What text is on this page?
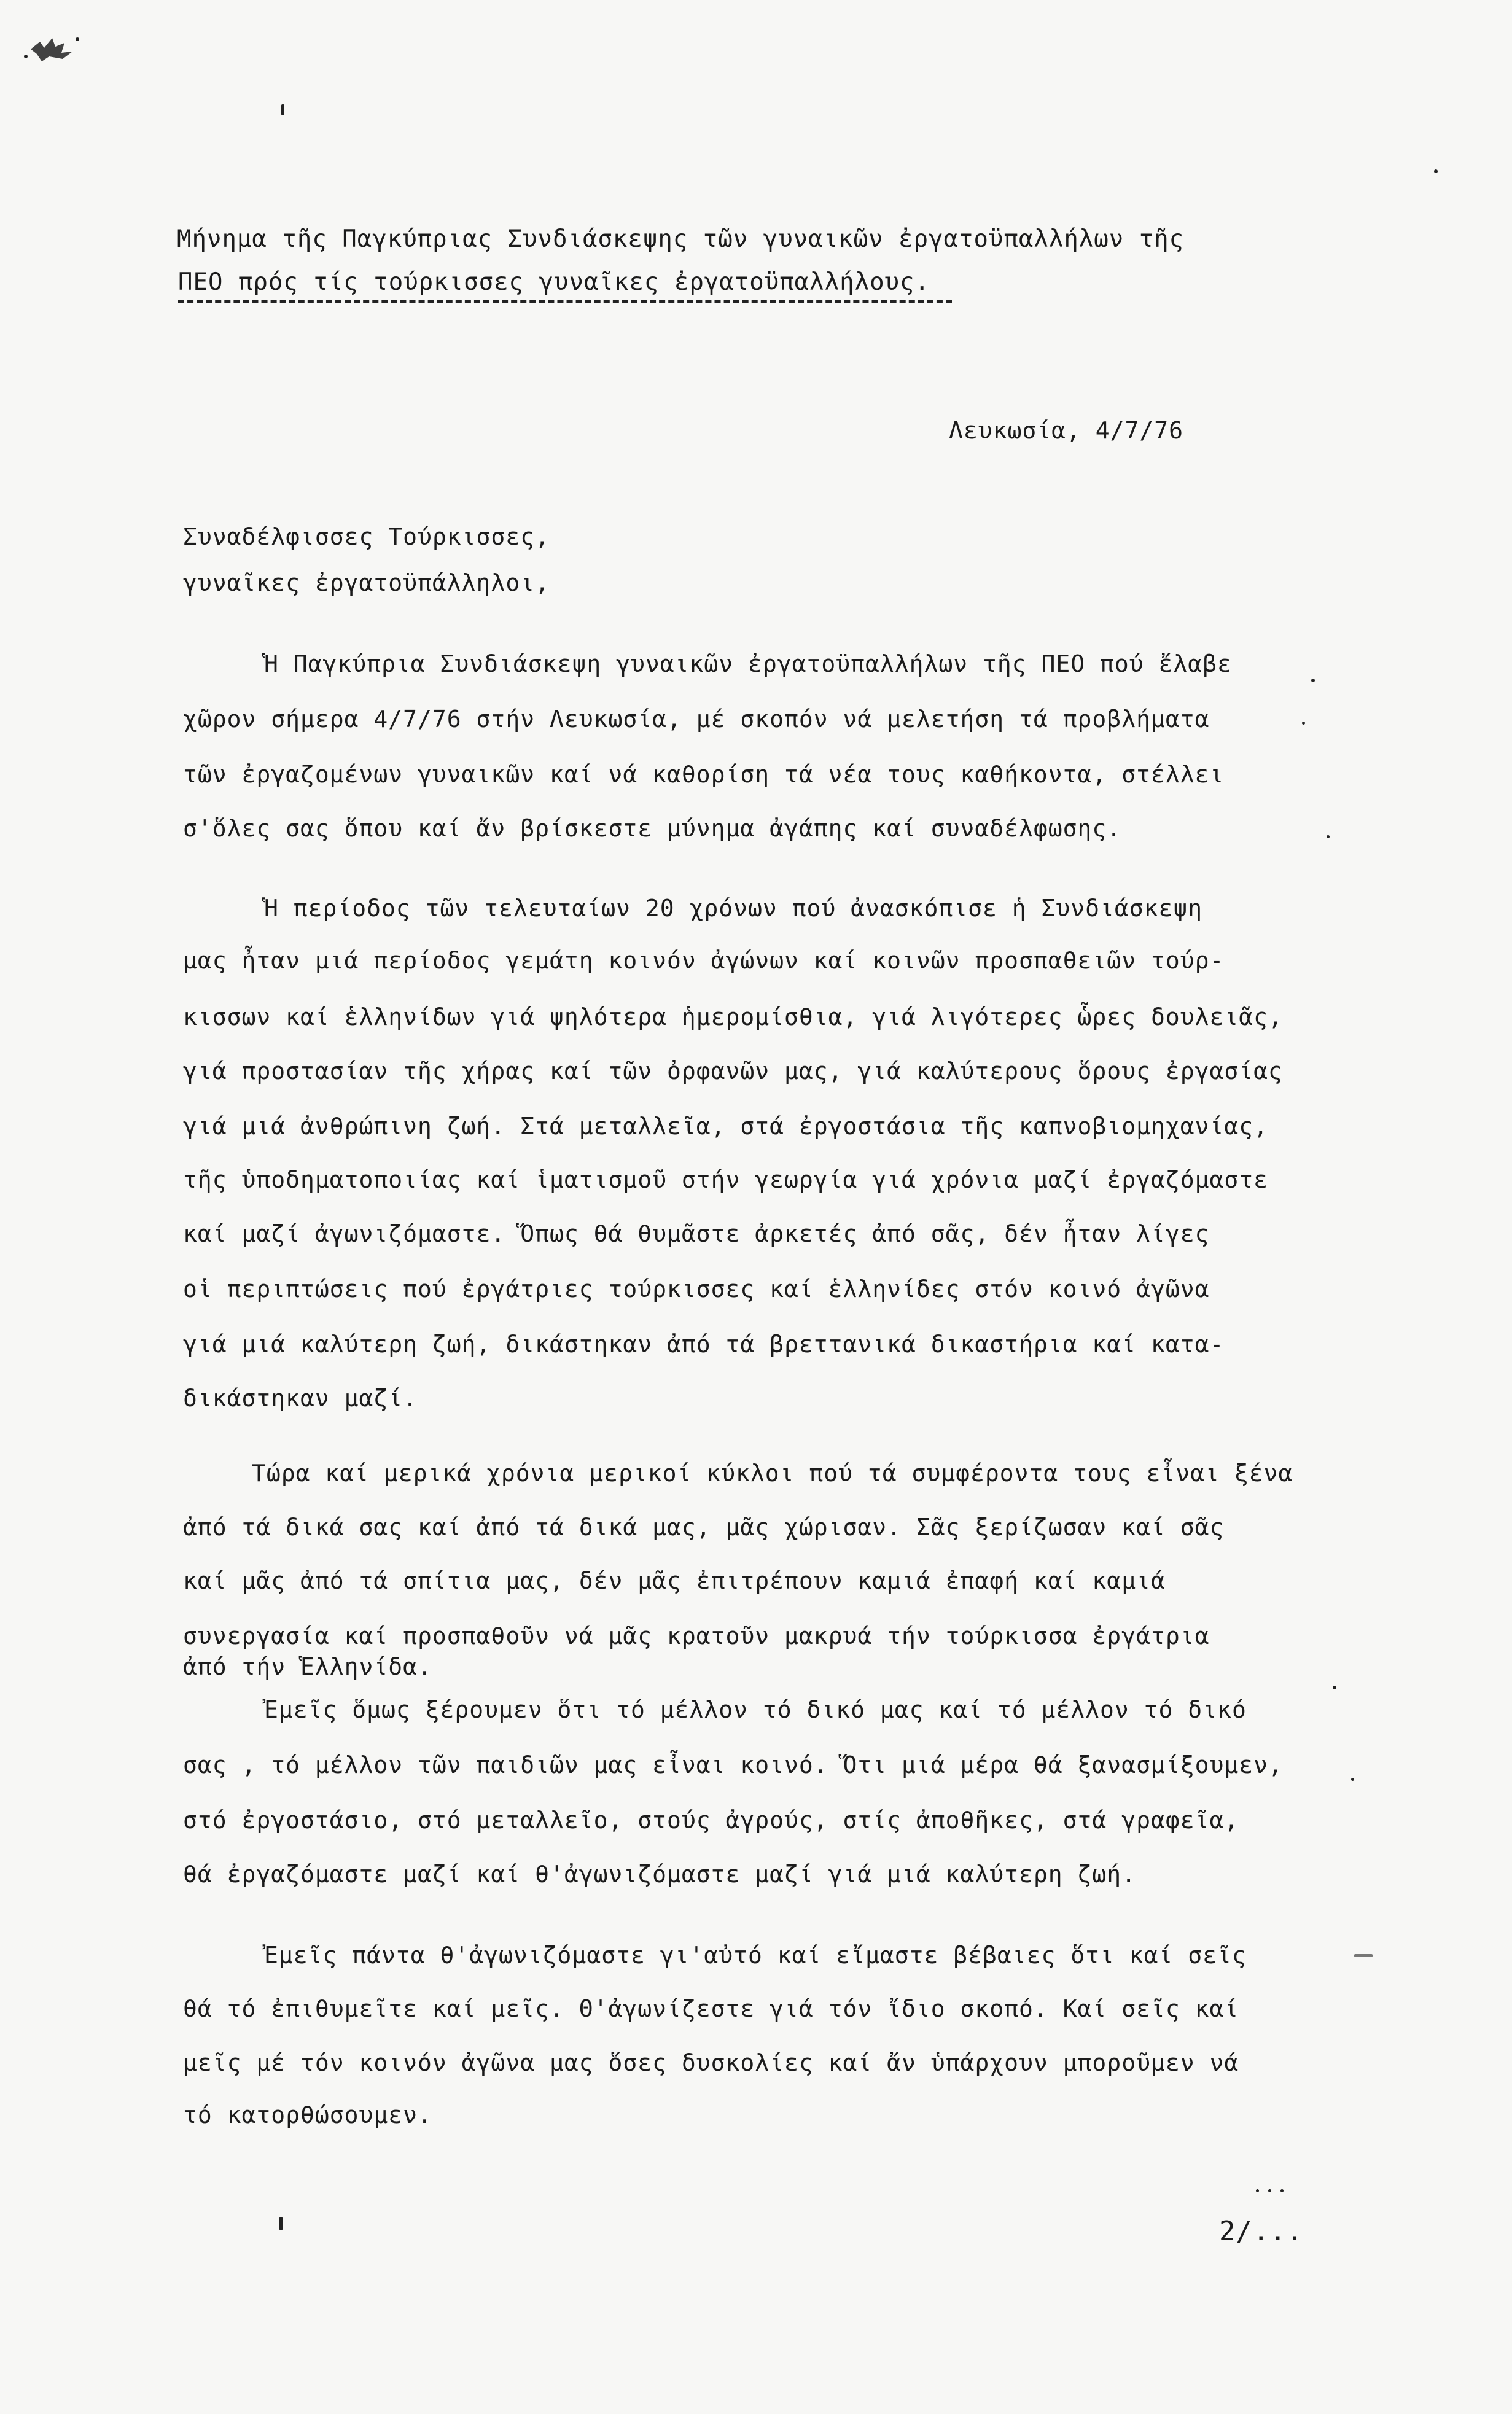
Μήνημα τῆς Παγκύπριας Συνδιάσκεψης τῶν γυναικῶν ἐργατοϋπαλλήλων τῆς
ΠΕΟ πρός τίς τούρκισσες γυναῖκες ἐργατοϋπαλλήλους.
Λευκωσία, 4/7/76
Συναδέλφισσες Τούρκισσες,
γυναῖκες ἐργατοϋπάλληλοι,
Ἡ Παγκύπρια Συνδιάσκεψη γυναικῶν ἐργατοϋπαλλήλων τῆς ΠΕΟ πού ἔλαβε
χῶρον σήμερα 4/7/76 στήν Λευκωσία, μέ σκοπόν νά μελετήση τά προβλήματα
τῶν ἐργαζομένων γυναικῶν καί νά καθορίση τά νέα τους καθήκοντα, στέλλει
σ'ὅλες σας ὅπου καί ἄν βρίσκεστε μύνημα ἀγάπης καί συναδέλφωσης.
Ἡ περίοδος τῶν τελευταίων 20 χρόνων πού ἀνασκόπισε ἡ Συνδιάσκεψη
μας ἦταν μιά περίοδος γεμάτη κοινόν ἀγώνων καί κοινῶν προσπαθειῶν τούρ-
κισσων καί ἑλληνίδων γιά ψηλότερα ἡμερομίσθια, γιά λιγότερες ὧρες δουλειᾶς,
γιά προστασίαν τῆς χήρας καί τῶν ὀρφανῶν μας, γιά καλύτερους ὅρους ἐργασίας
γιά μιά ἀνθρώπινη ζωή. Στά μεταλλεῖα, στά ἐργοστάσια τῆς καπνοβιομηχανίας,
τῆς ὑποδηματοποιίας καί ἱματισμοῦ στήν γεωργία γιά χρόνια μαζί ἐργαζόμαστε
καί μαζί ἀγωνιζόμαστε. Ὅπως θά θυμᾶστε ἀρκετές ἀπό σᾶς, δέν ἦταν λίγες
οἱ περιπτώσεις πού ἐργάτριες τούρκισσες καί ἑλληνίδες στόν κοινό ἀγῶνα
γιά μιά καλύτερη ζωή, δικάστηκαν ἀπό τά βρεττανικά δικαστήρια καί κατα-
δικάστηκαν μαζί.
Τώρα καί μερικά χρόνια μερικοί κύκλοι πού τά συμφέροντα τους εἶναι ξένα
ἀπό τά δικά σας καί ἀπό τά δικά μας, μᾶς χώρισαν. Σᾶς ξερίζωσαν καί σᾶς
καί μᾶς ἀπό τά σπίτια μας, δέν μᾶς ἐπιτρέπουν καμιά ἐπαφή καί καμιά
συνεργασία καί προσπαθοῦν νά μᾶς κρατοῦν μακρυά τήν τούρκισσα ἐργάτρια
ἀπό τήν Ἑλληνίδα.
Ἐμεῖς ὅμως ξέρουμεν ὅτι τό μέλλον τό δικό μας καί τό μέλλον τό δικό
σας , τό μέλλον τῶν παιδιῶν μας εἶναι κοινό. Ὅτι μιά μέρα θά ξανασμίξουμεν,
στό ἐργοστάσιο, στό μεταλλεῖο, στούς ἀγρούς, στίς ἀποθῆκες, στά γραφεῖα,
θά ἐργαζόμαστε μαζί καί θ'ἀγωνιζόμαστε μαζί γιά μιά καλύτερη ζωή.
Ἐμεῖς πάντα θ'ἀγωνιζόμαστε γι'αὐτό καί εἴμαστε βέβαιες ὅτι καί σεῖς
θά τό ἐπιθυμεῖτε καί μεῖς. Θ'ἀγωνίζεστε γιά τόν ἴδιο σκοπό. Καί σεῖς καί
μεῖς μέ τόν κοινόν ἀγῶνα μας ὅσες δυσκολίες καί ἄν ὑπάρχουν μποροῦμεν νά
τό κατορθώσουμεν.
2/...
